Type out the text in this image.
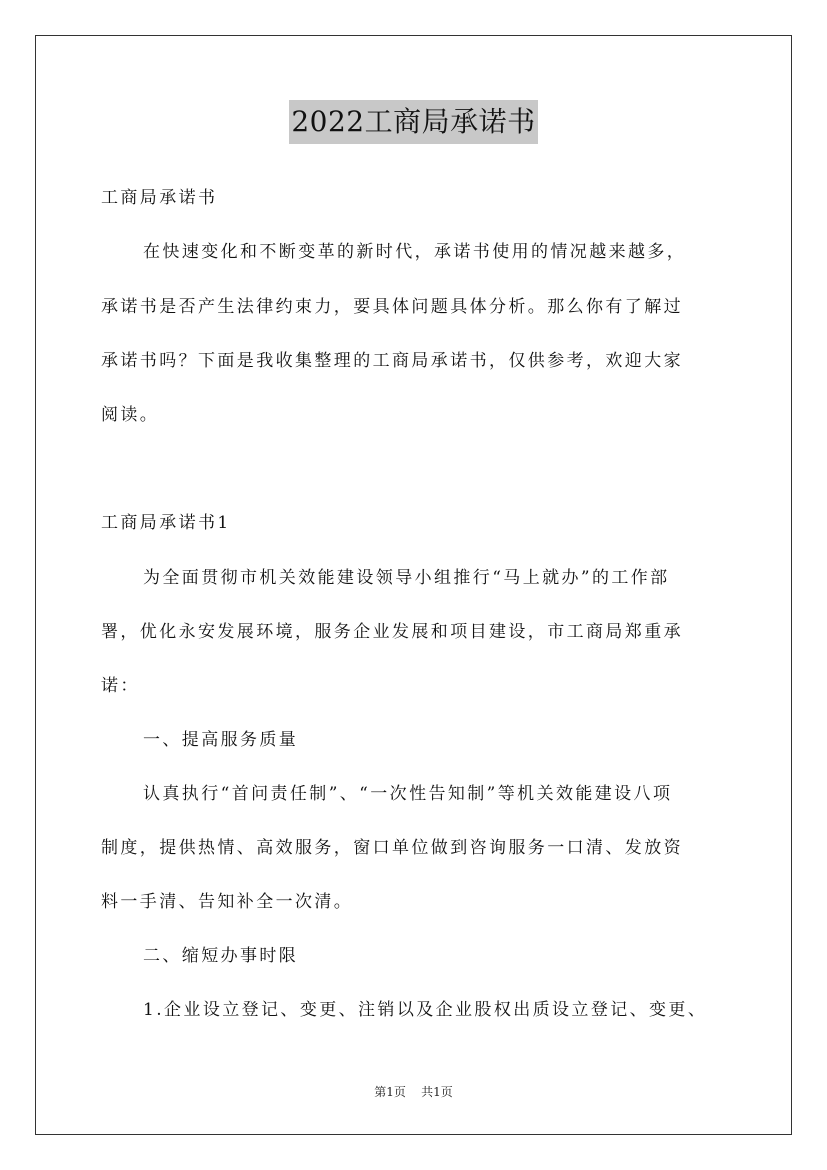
2022工商局承诺书
工商局承诺书
在快速变化和不断变革的新时代，承诺书使用的情况越来越多，
承诺书是否产生法律约束力，要具体问题具体分析。那么你有了解过
承诺书吗？下面是我收集整理的工商局承诺书，仅供参考，欢迎大家
阅读。
工商局承诺书1
为全面贯彻市机关效能建设领导小组推行“马上就办”的工作部
署，优化永安发展环境，服务企业发展和项目建设，市工商局郑重承
诺：
一、提高服务质量
认真执行“首问责任制”、“一次性告知制”等机关效能建设八项
制度，提供热情、高效服务，窗口单位做到咨询服务一口清、发放资
料一手清、告知补全一次清。
二、缩短办事时限
1.企业设立登记、变更、注销以及企业股权出质设立登记、变更、
第1页 共1页
